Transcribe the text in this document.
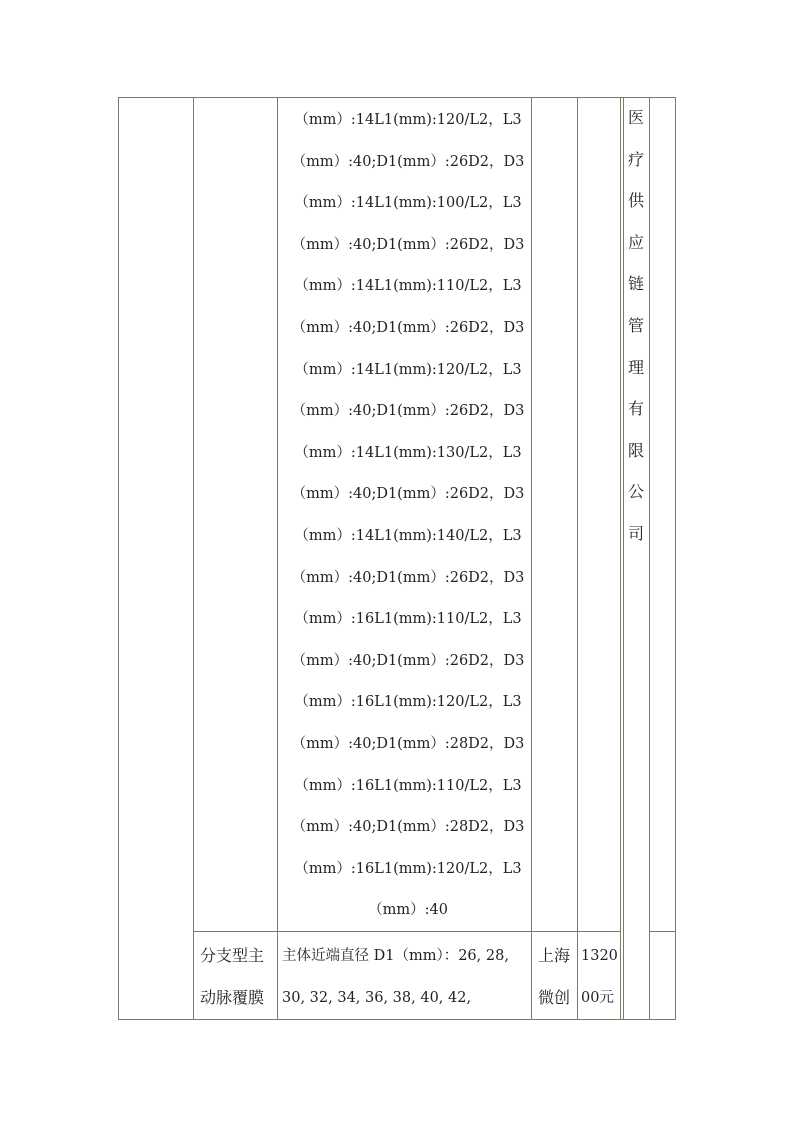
（mm）:14L1(mm):120/L2，L3
（mm）:40;D1(mm）:26D2，D3
（mm）:14L1(mm):100/L2，L3
（mm）:40;D1(mm）:26D2，D3
（mm）:14L1(mm):110/L2，L3
（mm）:40;D1(mm）:26D2，D3
（mm）:14L1(mm):120/L2，L3
（mm）:40;D1(mm）:26D2，D3
（mm）:14L1(mm):130/L2，L3
（mm）:40;D1(mm）:26D2，D3
（mm）:14L1(mm):140/L2，L3
（mm）:40;D1(mm）:26D2，D3
（mm）:16L1(mm):110/L2，L3
（mm）:40;D1(mm）:26D2，D3
（mm）:16L1(mm):120/L2，L3
（mm）:40;D1(mm）:28D2，D3
（mm）:16L1(mm):110/L2，L3
（mm）:40;D1(mm）:28D2，D3
（mm）:16L1(mm):120/L2，L3
（mm）:40
医
疗
供
应
链
管
理
有
限
公
司
分支型主
动脉覆膜
主体近端直径 D1（mm）：26, 28,
30, 32, 34, 36, 38, 40, 42,
上海
微创
1320
00元
